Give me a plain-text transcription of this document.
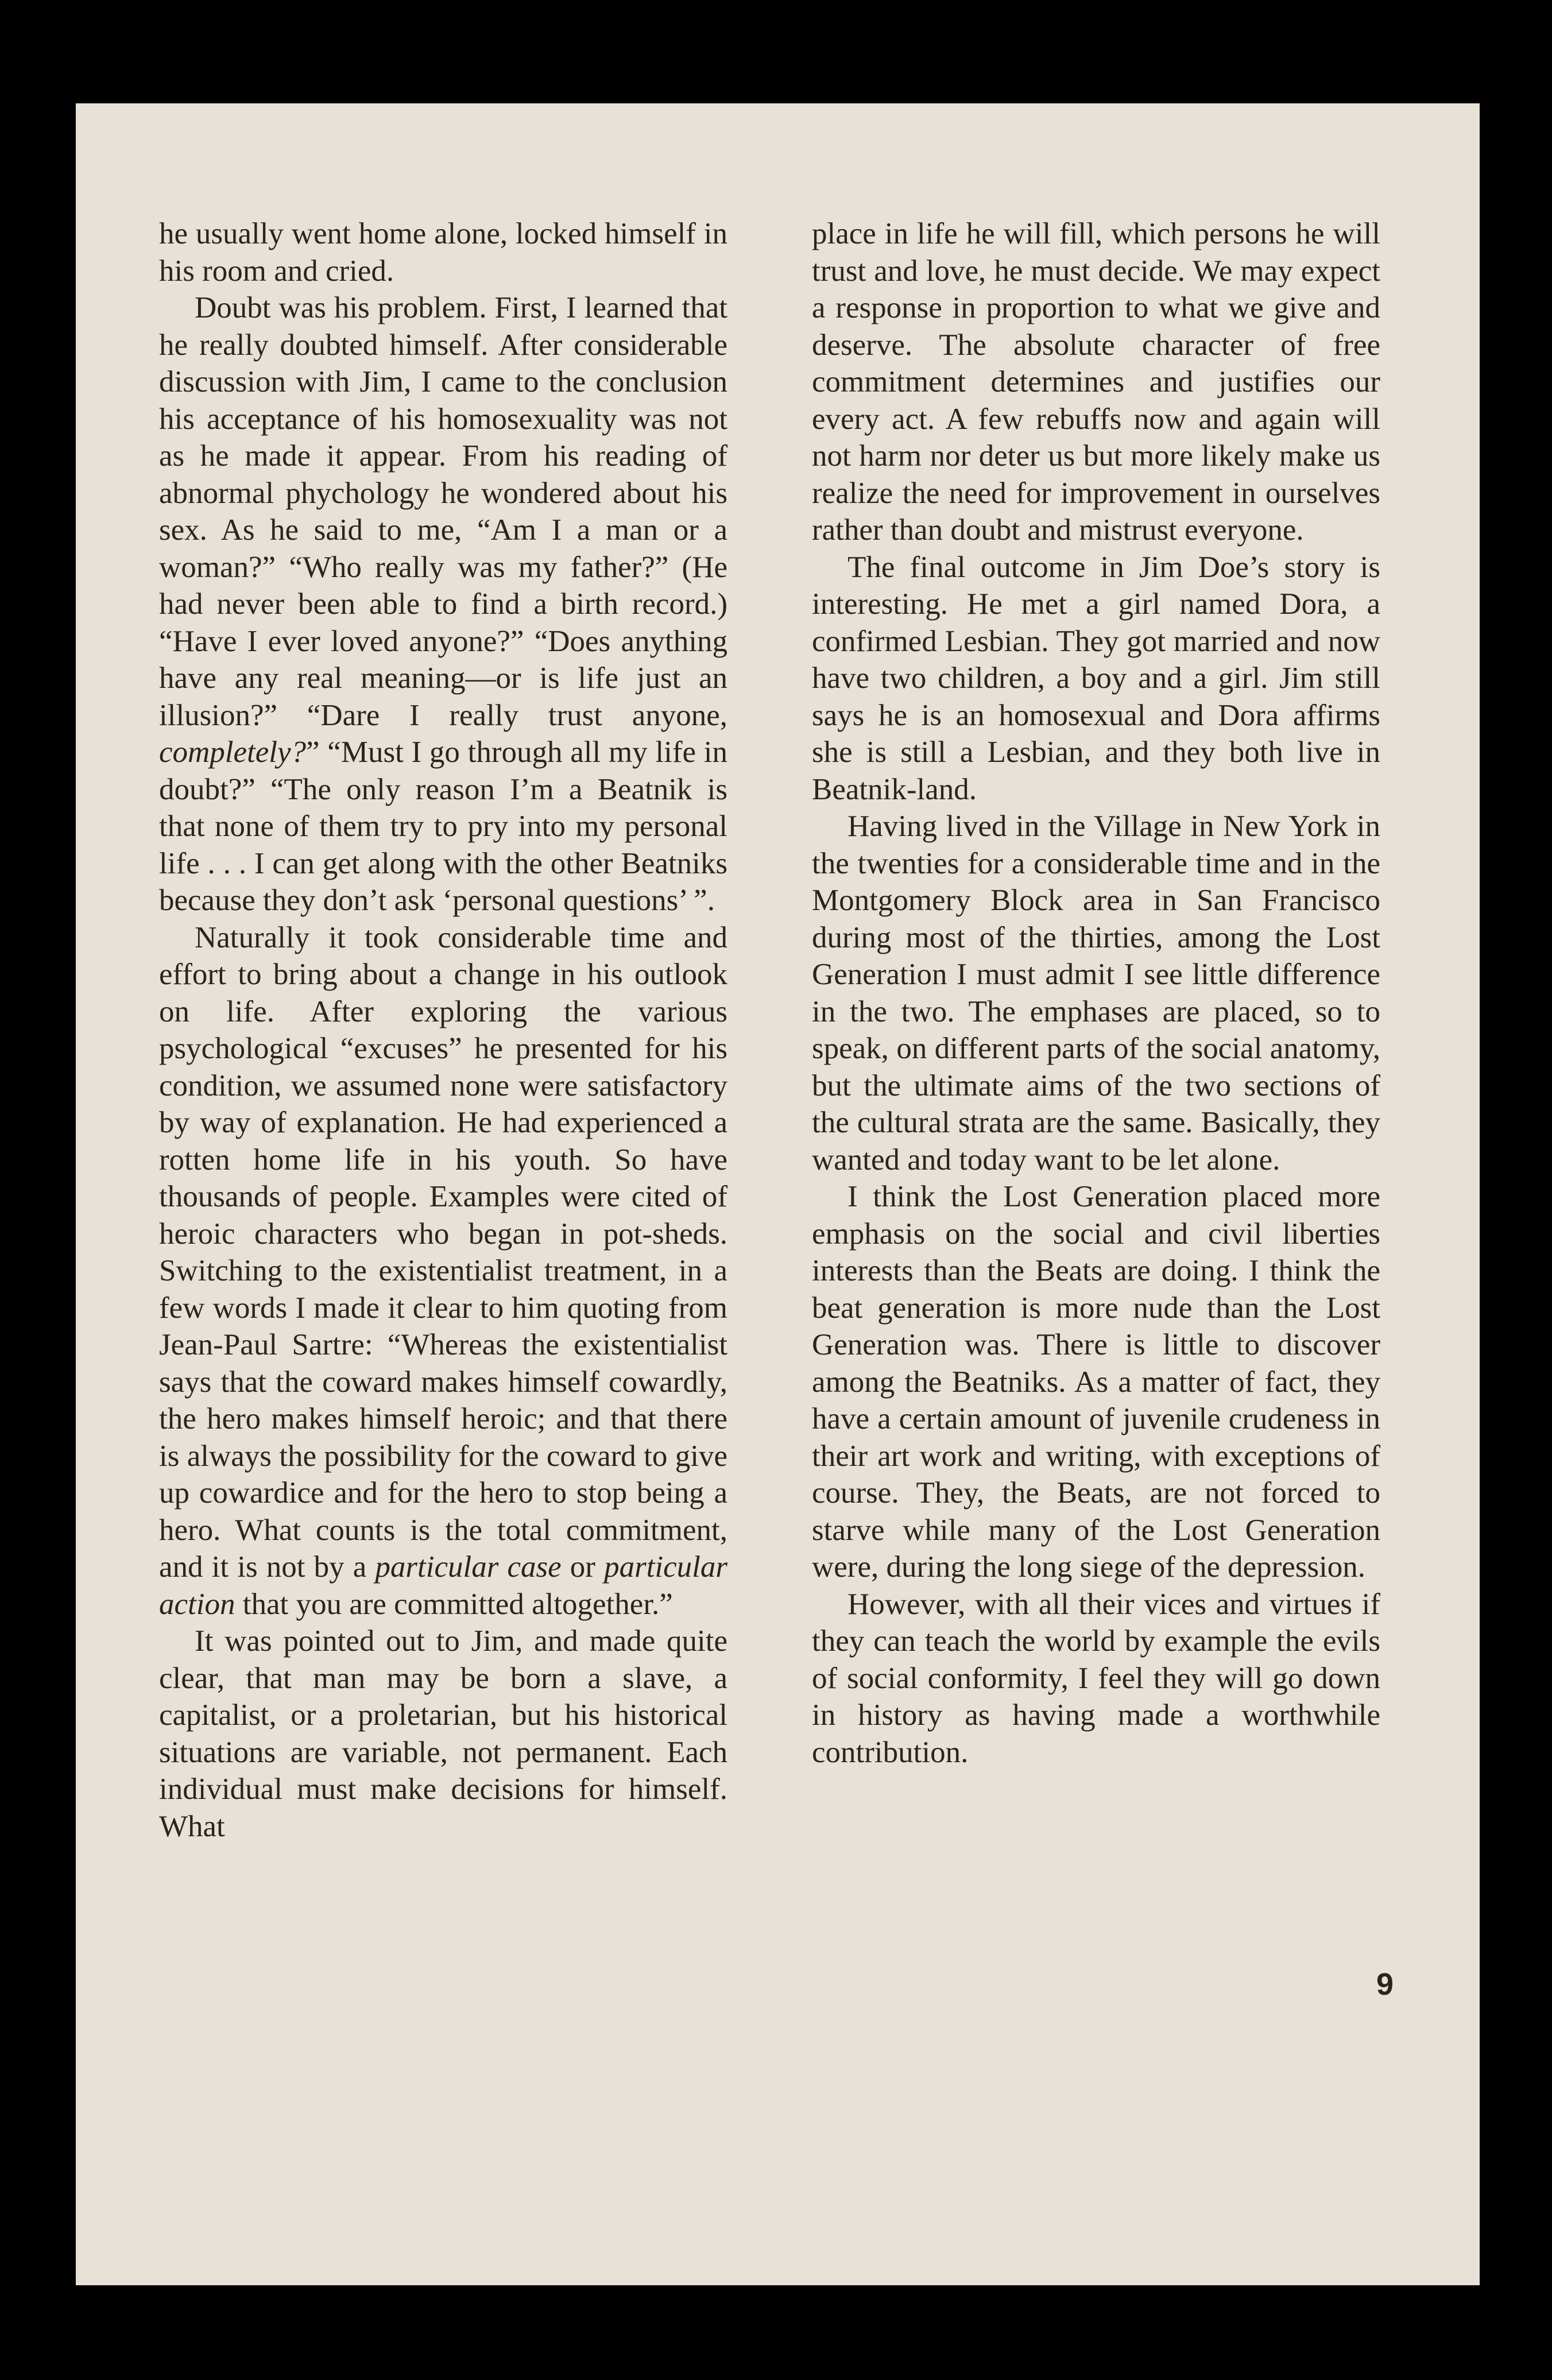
he usually went home alone, locked himself in his room and cried.

Doubt was his problem. First, I learned that he really doubted himself. After considerable discussion with Jim, I came to the conclusion his acceptance of his homosexuality was not as he made it appear. From his reading of abnormal phychology he wondered about his sex. As he said to me, “Am I a man or a woman?” “Who really was my father?” (He had never been able to find a birth record.) “Have I ever loved anyone?” “Does anything have any real meaning—or is life just an illusion?” “Dare I really trust anyone, completely?” “Must I go through all my life in doubt?” “The only reason I’m a Beatnik is that none of them try to pry into my personal life . . . I can get along with the other Beatniks because they don’t ask ‘personal questions’ ”.

Naturally it took considerable time and effort to bring about a change in his outlook on life. After exploring the various psychological “excuses” he presented for his condition, we assumed none were satisfactory by way of explanation. He had experienced a rotten home life in his youth. So have thousands of people. Examples were cited of heroic characters who began in pot-sheds. Switching to the existentialist treatment, in a few words I made it clear to him quoting from Jean-Paul Sartre: “Whereas the existentialist says that the coward makes himself cowardly, the hero makes himself heroic; and that there is always the possibility for the coward to give up cowardice and for the hero to stop being a hero. What counts is the total commitment, and it is not by a particular case or particular action that you are committed altogether.”

It was pointed out to Jim, and made quite clear, that man may be born a slave, a capitalist, or a proletarian, but his historical situations are variable, not permanent. Each individual must make decisions for himself. What

place in life he will fill, which persons he will trust and love, he must decide. We may expect a response in proportion to what we give and deserve. The absolute character of free commitment determines and justifies our every act. A few rebuffs now and again will not harm nor deter us but more likely make us realize the need for improvement in ourselves rather than doubt and mistrust everyone.

The final outcome in Jim Doe’s story is interesting. He met a girl named Dora, a confirmed Lesbian. They got married and now have two children, a boy and a girl. Jim still says he is an homosexual and Dora affirms she is still a Lesbian, and they both live in Beatnik-land.

Having lived in the Village in New York in the twenties for a considerable time and in the Montgomery Block area in San Francisco during most of the thirties, among the Lost Generation I must admit I see little difference in the two. The emphases are placed, so to speak, on different parts of the social anatomy, but the ultimate aims of the two sections of the cultural strata are the same. Basically, they wanted and today want to be let alone.

I think the Lost Generation placed more emphasis on the social and civil liberties interests than the Beats are doing. I think the beat generation is more nude than the Lost Generation was. There is little to discover among the Beatniks. As a matter of fact, they have a certain amount of juvenile crudeness in their art work and writing, with exceptions of course. They, the Beats, are not forced to starve while many of the Lost Generation were, during the long siege of the depression.

However, with all their vices and virtues if they can teach the world by example the evils of social conformity, I feel they will go down in history as having made a worthwhile contribution.

9
